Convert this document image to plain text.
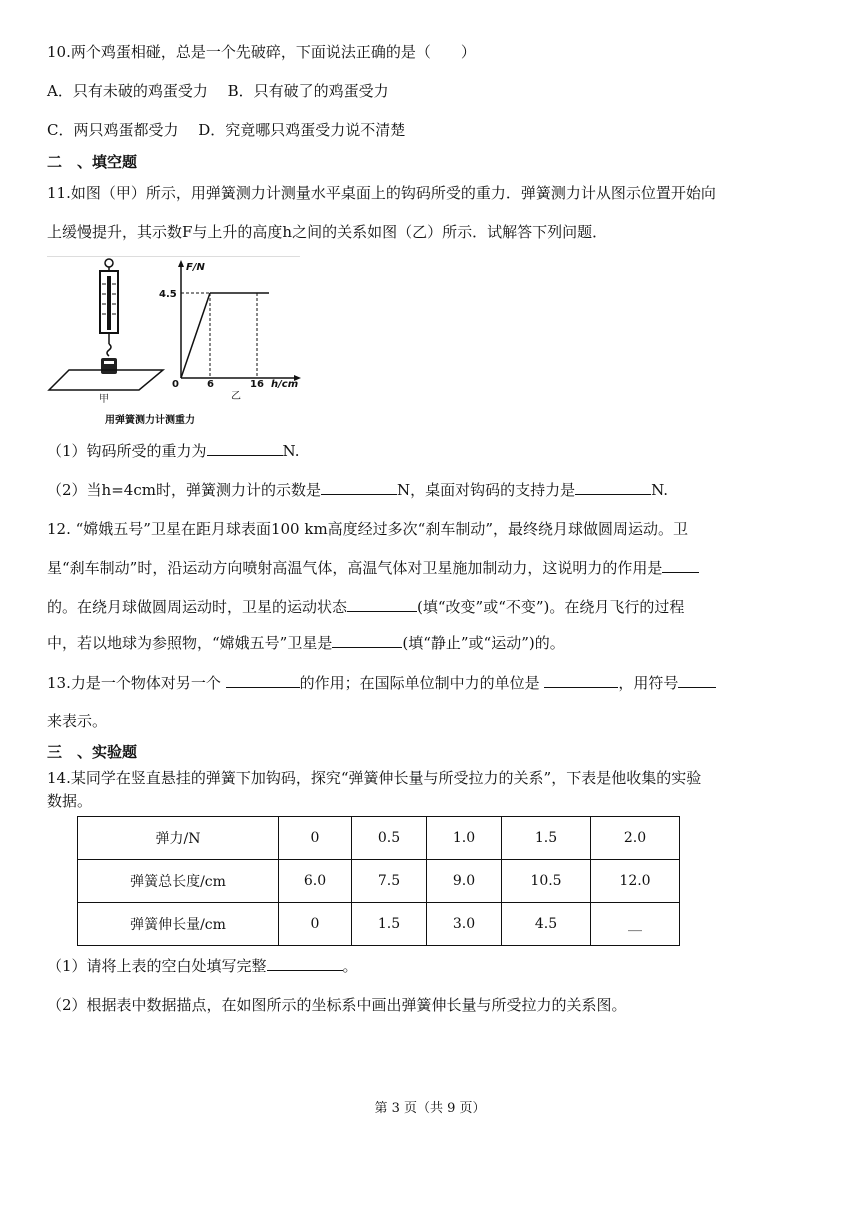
10.两个鸡蛋相碰，总是一个先破碎，下面说法正确的是（　　）
A．只有未破的鸡蛋受力　 B．只有破了的鸡蛋受力
C．两只鸡蛋都受力　 D．究竟哪只鸡蛋受力说不清楚
二　、填空题
11.如图（甲）所示，用弹簧测力计测量水平桌面上的钩码所受的重力．弹簧测力计从图示位置开始向
上缓慢提升，其示数F与上升的高度h之间的关系如图（乙）所示．试解答下列问题．
甲
F/N
4.5
0	6	16 h/cm
乙
用弹簧测力计测重力
（1）钩码所受的重力为	N.
（2）当h=4cm时，弹簧测力计的示数是	N，桌面对钩码的支持力是	N.
12. “嫦娥五号”卫星在距月球表面100 km高度经过多次“刹车制动”，最终绕月球做圆周运动。卫
星“刹车制动”时，沿运动方向喷射高温气体，高温气体对卫星施加制动力，这说明力的作用是
的。在绕月球做圆周运动时，卫星的运动状态	(填“改变”或“不变”)。在绕月飞行的过程
中，若以地球为参照物，“嫦娥五号”卫星是	(填“静止”或“运动”)的。
13.力是一个物体对另一个	的作用；在国际单位制中力的单位是	，用符号
来表示。
三　、实验题
14.某同学在竖直悬挂的弹簧下加钩码，探究“弹簧伸长量与所受拉力的关系”，下表是他收集的实验
数据。
弹力/N	0	0.5	1.0	1.5	2.0
弹簧总长度/cm	6.0	7.5	9.0	10.5	12.0
弹簧伸长量/cm	0	1.5	3.0	4.5	__
（1）请将上表的空白处填写完整	。
（2）根据表中数据描点，在如图所示的坐标系中画出弹簧伸长量与所受拉力的关系图。
第 3 页（共 9 页）
